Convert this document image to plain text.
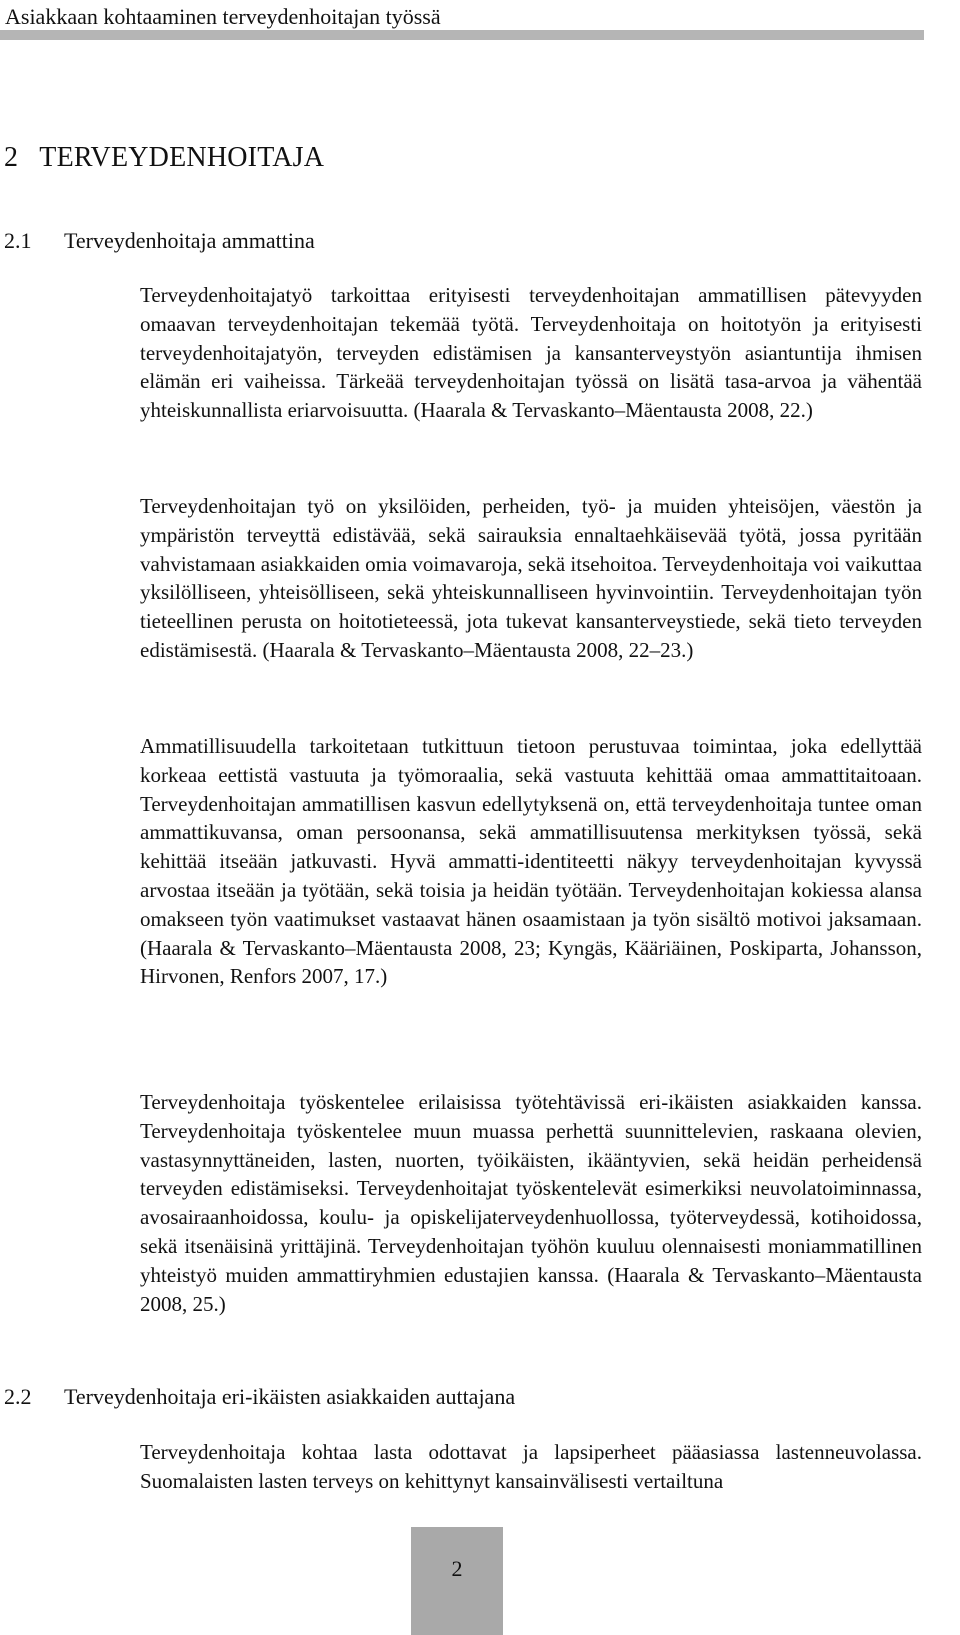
Asiakkaan kohtaaminen terveydenhoitajan työssä
2   TERVEYDENHOITAJA
2.1 Terveydenhoitaja ammattina

Terveydenhoitajatyö tarkoittaa erityisesti terveydenhoitajan ammatillisen pätevyyden omaavan terveydenhoitajan tekemää työtä. Terveydenhoitaja on hoitotyön ja erityisesti terveydenhoitajatyön, terveyden edistämisen ja kansanterveystyön asiantuntija ihmisen elämän eri vaiheissa. Tärkeää terveydenhoitajan työssä on lisätä tasa-arvoa ja vähentää yhteiskunnallista eriarvoisuutta. (Haarala & Tervaskanto–Mäentausta 2008, 22.)

Terveydenhoitajan työ on yksilöiden, perheiden, työ- ja muiden yhteisöjen, väestön ja ympäristön terveyttä edistävää, sekä sairauksia ennaltaehkäisevää työtä, jossa pyritään vahvistamaan asiakkaiden omia voimavaroja, sekä itsehoitoa. Terveydenhoitaja voi vaikuttaa yksilölliseen, yhteisölliseen, sekä yhteiskunnalliseen hyvinvointiin. Terveydenhoitajan työn tieteellinen perusta on hoitotieteessä, jota tukevat kansanterveystiede, sekä tieto terveyden edistämisestä. (Haarala & Tervaskanto–Mäentausta 2008, 22–23.)

Ammatillisuudella tarkoitetaan tutkittuun tietoon perustuvaa toimintaa, joka edellyttää korkeaa eettistä vastuuta ja työmoraalia, sekä vastuuta kehittää omaa ammattitaitoaan. Terveydenhoitajan ammatillisen kasvun edellytyksenä on, että terveydenhoitaja tuntee oman ammattikuvansa, oman persoonansa, sekä ammatillisuutensa merkityksen työssä, sekä kehittää itseään jatkuvasti. Hyvä ammatti-identiteetti näkyy terveydenhoitajan kyvyssä arvostaa itseään ja työtään, sekä toisia ja heidän työtään. Terveydenhoitajan kokiessa alansa omakseen työn vaatimukset vastaavat hänen osaamistaan ja työn sisältö motivoi jaksamaan. (Haarala & Tervaskanto–Mäentausta 2008, 23; Kyngäs, Kääriäinen, Poskiparta, Johansson, Hirvonen, Renfors 2007, 17.)

Terveydenhoitaja työskentelee erilaisissa työtehtävissä eri-ikäisten asiakkaiden kanssa. Terveydenhoitaja työskentelee muun muassa perhettä suunnittelevien, raskaana olevien, vastasynnyttäneiden, lasten, nuorten, työikäisten, ikääntyvien, sekä heidän perheidensä terveyden edistämiseksi. Terveydenhoitajat työskentelevät esimerkiksi neuvolatoiminnassa, avosairaanhoidossa, koulu- ja opiskelijaterveydenhuollossa, työterveydessä, kotihoidossa, sekä itsenäisinä yrittäjinä. Terveydenhoitajan työhön kuuluu olennaisesti moniammatillinen yhteistyö muiden ammattiryhmien edustajien kanssa. (Haarala & Tervaskanto–Mäentausta 2008, 25.)

2.2 Terveydenhoitaja eri-ikäisten asiakkaiden auttajana

Terveydenhoitaja kohtaa lasta odottavat ja lapsiperheet pääasiassa lastenneuvolassa. Suomalaisten lasten terveys on kehittynyt kansainvälisesti vertailtuna

2
